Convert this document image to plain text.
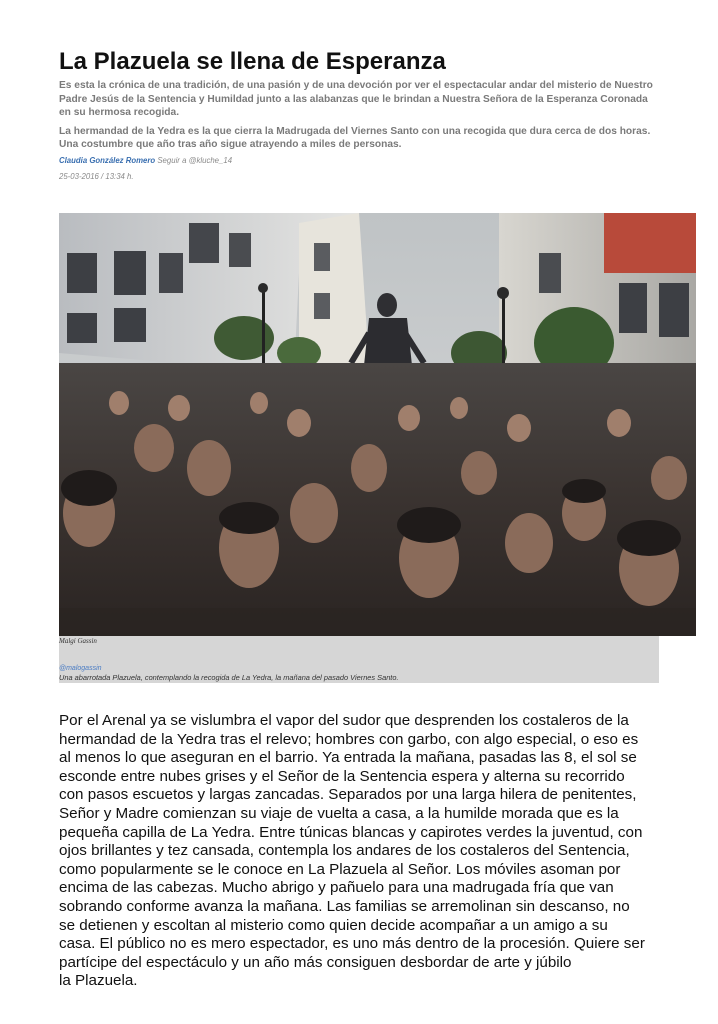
La Plazuela se llena de Esperanza

Es esta la crónica de una tradición, de una pasión y de una devoción por ver el espectacular andar del misterio de Nuestro Padre Jesús de la Sentencia y Humildad junto a las alabanzas que le brindan a Nuestra Señora de la Esperanza Coronada en su hermosa recogida.

La hermandad de la Yedra es la que cierra la Madrugada del Viernes Santo con una recogida que dura cerca de dos horas. Una costumbre que año tras año sigue atrayendo a miles de personas.

Claudia González Romero Seguir a @kluche_14
25-03-2016 / 13:34 h.
Malgi Gassin
@malogassin
Una abarrotada Plazuela, contemplando la recogida de La Yedra, la mañana del pasado Viernes Santo.
Por el Arenal ya se vislumbra el vapor del sudor que desprenden los costaleros de la
hermandad de la Yedra tras el relevo; hombres con garbo, con algo especial, o eso es
al menos lo que aseguran en el barrio. Ya entrada la mañana, pasadas las 8, el sol se
esconde entre nubes grises y el Señor de la Sentencia espera y alterna su recorrido
con pasos escuetos y largas zancadas. Separados por una larga hilera de penitentes,
Señor y Madre comienzan su viaje de vuelta a casa, a la humilde morada que es la
pequeña capilla de La Yedra. Entre túnicas blancas y capirotes verdes la juventud, con
ojos brillantes y tez cansada, contempla los andares de los costaleros del Sentencia,
como popularmente se le conoce en La Plazuela al Señor. Los móviles asoman por
encima de las cabezas. Mucho abrigo y pañuelo para una madrugada fría que van
sobrando conforme avanza la mañana. Las familias se arremolinan sin descanso, no
se detienen y escoltan al misterio como quien decide acompañar a un amigo a su
casa. El público no es mero espectador, es uno más dentro de la procesión. Quiere ser
partícipe del espectáculo y un año más consiguen desbordar de arte y júbilo
la Plazuela.
